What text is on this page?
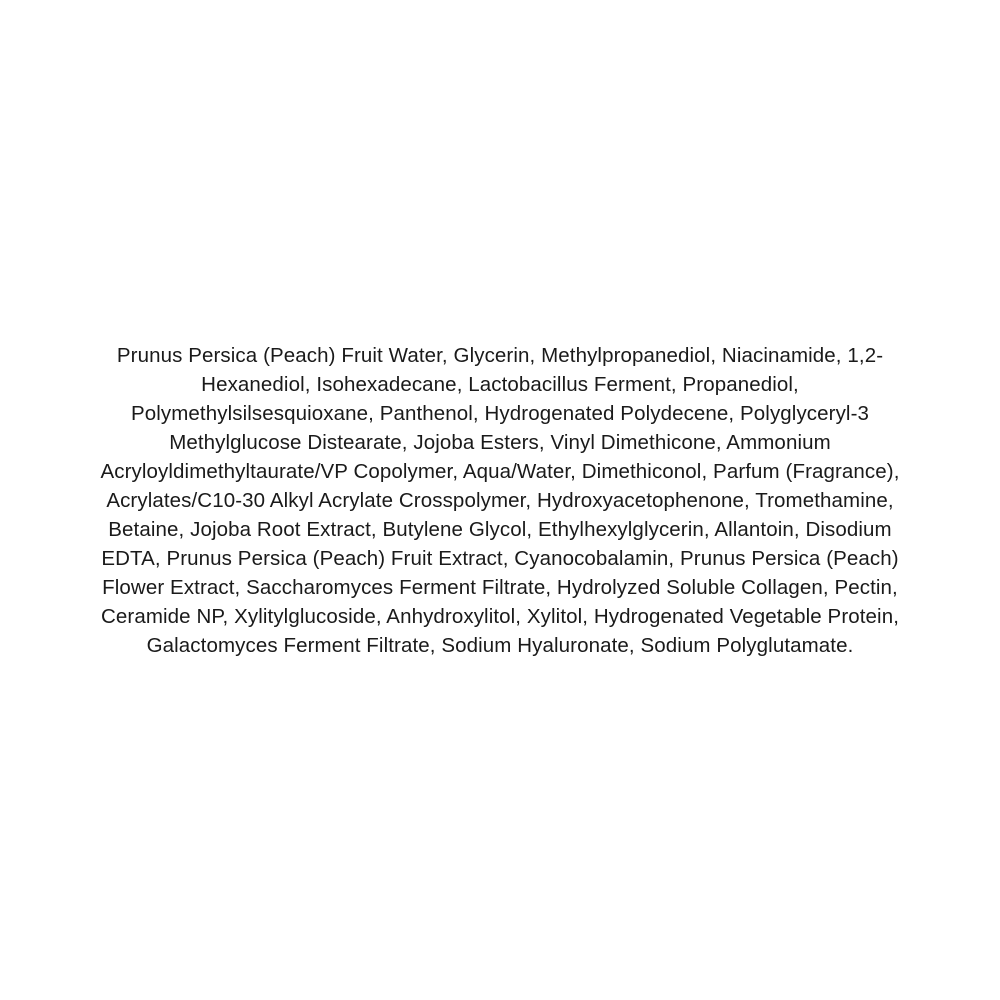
Prunus Persica (Peach) Fruit Water, Glycerin, Methylpropanediol, Niacinamide, 1,2-Hexanediol, Isohexadecane, Lactobacillus Ferment, Propanediol, Polymethylsilsesquioxane, Panthenol, Hydrogenated Polydecene, Polyglyceryl-3 Methylglucose Distearate, Jojoba Esters, Vinyl Dimethicone, Ammonium Acryloyldimethyltaurate/VP Copolymer, Aqua/Water, Dimethiconol, Parfum (Fragrance), Acrylates/C10-30 Alkyl Acrylate Crosspolymer, Hydroxyacetophenone, Tromethamine, Betaine, Jojoba Root Extract, Butylene Glycol, Ethylhexylglycerin, Allantoin, Disodium EDTA, Prunus Persica (Peach) Fruit Extract, Cyanocobalamin, Prunus Persica (Peach) Flower Extract, Saccharomyces Ferment Filtrate, Hydrolyzed Soluble Collagen, Pectin, Ceramide NP, Xylitylglucoside, Anhydroxylitol, Xylitol, Hydrogenated Vegetable Protein, Galactomyces Ferment Filtrate, Sodium Hyaluronate, Sodium Polyglutamate.
